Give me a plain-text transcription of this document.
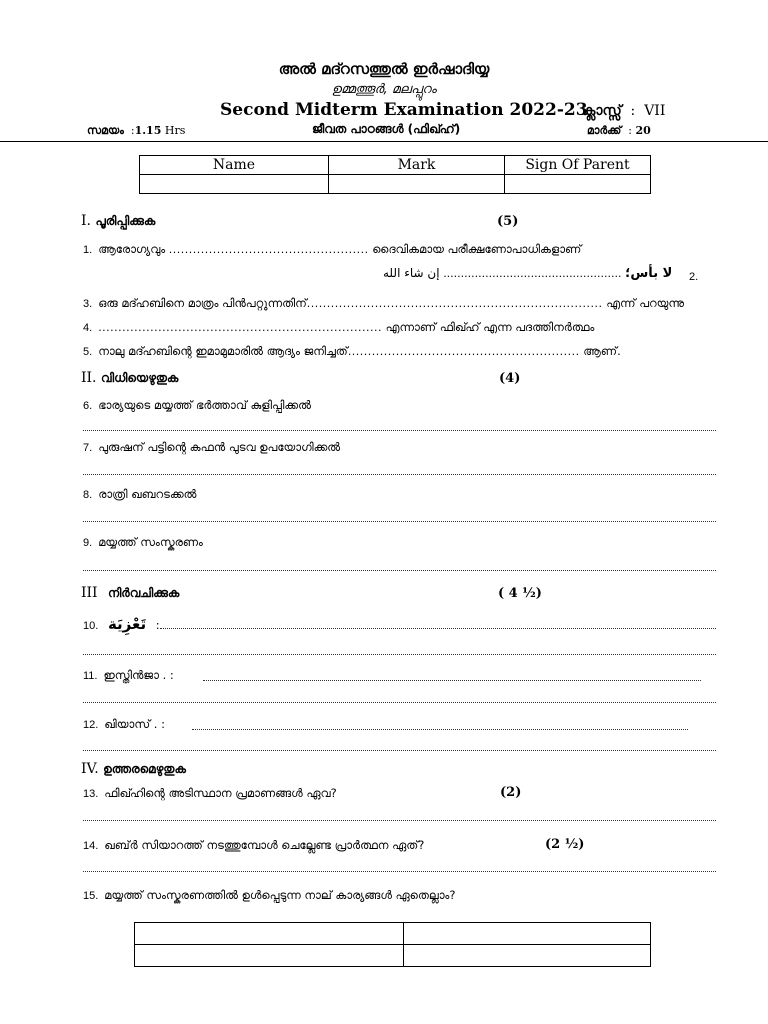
അൽ മദ്റസത്തുൽ ഇർഷാദിയ്യ
ഉമ്മത്തൂർ, മലപ്പുറം
Second Midterm Examination 2022-23
ക്ലാസ്സ്  :  VII
സമയം  :1.15 Hrs	ജീവത പാഠങ്ങൾ (ഫിഖ്ഹ്)	മാർക്ക്  : 20
Name	Mark	Sign Of Parent

I. പൂരിപ്പിക്കുക	(5)
1. ആരോഗ്യവും .................................................. ദൈവികമായ പരീക്ഷണോപാധികളാണ്
لا بأس؛ ................................................... إن شاء الله	2.
3. ഒരു മദ്ഹബിനെ മാത്രം പിൻപറ്റുന്നതിന്.......................................................................... എന്ന് പറയുന്നു
4. ....................................................................... എന്നാണ് ഫിഖ്ഹ് എന്ന പദത്തിനർത്ഥം
5. നാലു മദ്ഹബിന്റെ ഇമാമുമാരിൽ ആദ്യം ജനിച്ചത്.......................................................... ആണ്.
II. വിധിയെഴുതുക	(4)
6. ഭാര്യയുടെ മയ്യത്ത് ഭർത്താവ് കുളിപ്പിക്കൽ
7. പുരുഷന് പട്ടിന്റെ കഫൻ പുടവ ഉപയോഗിക്കൽ
8. രാത്രി ഖബറടക്കൽ
9. മയ്യത്ത് സംസ്കരണം
III നിർവചിക്കുക	( 4 ½)
10. تَعْزِيَة :
11. ഇസ്തിൻജാ . :
12. ഖിയാസ് . :
IV. ഉത്തരമെഴുതുക
13. ഫിഖ്ഹിന്റെ അടിസ്ഥാന പ്രമാണങ്ങൾ ഏവ?	(2)
14. ഖബ്ർ സിയാറത്ത് നടത്തുമ്പോൾ ചെല്ലേണ്ട പ്രാർത്ഥന ഏത്?	(2 ½)
15. മയ്യത്ത് സംസ്കരണത്തിൽ ഉൾപ്പെടുന്ന നാല് കാര്യങ്ങൾ ഏതെല്ലാം?
